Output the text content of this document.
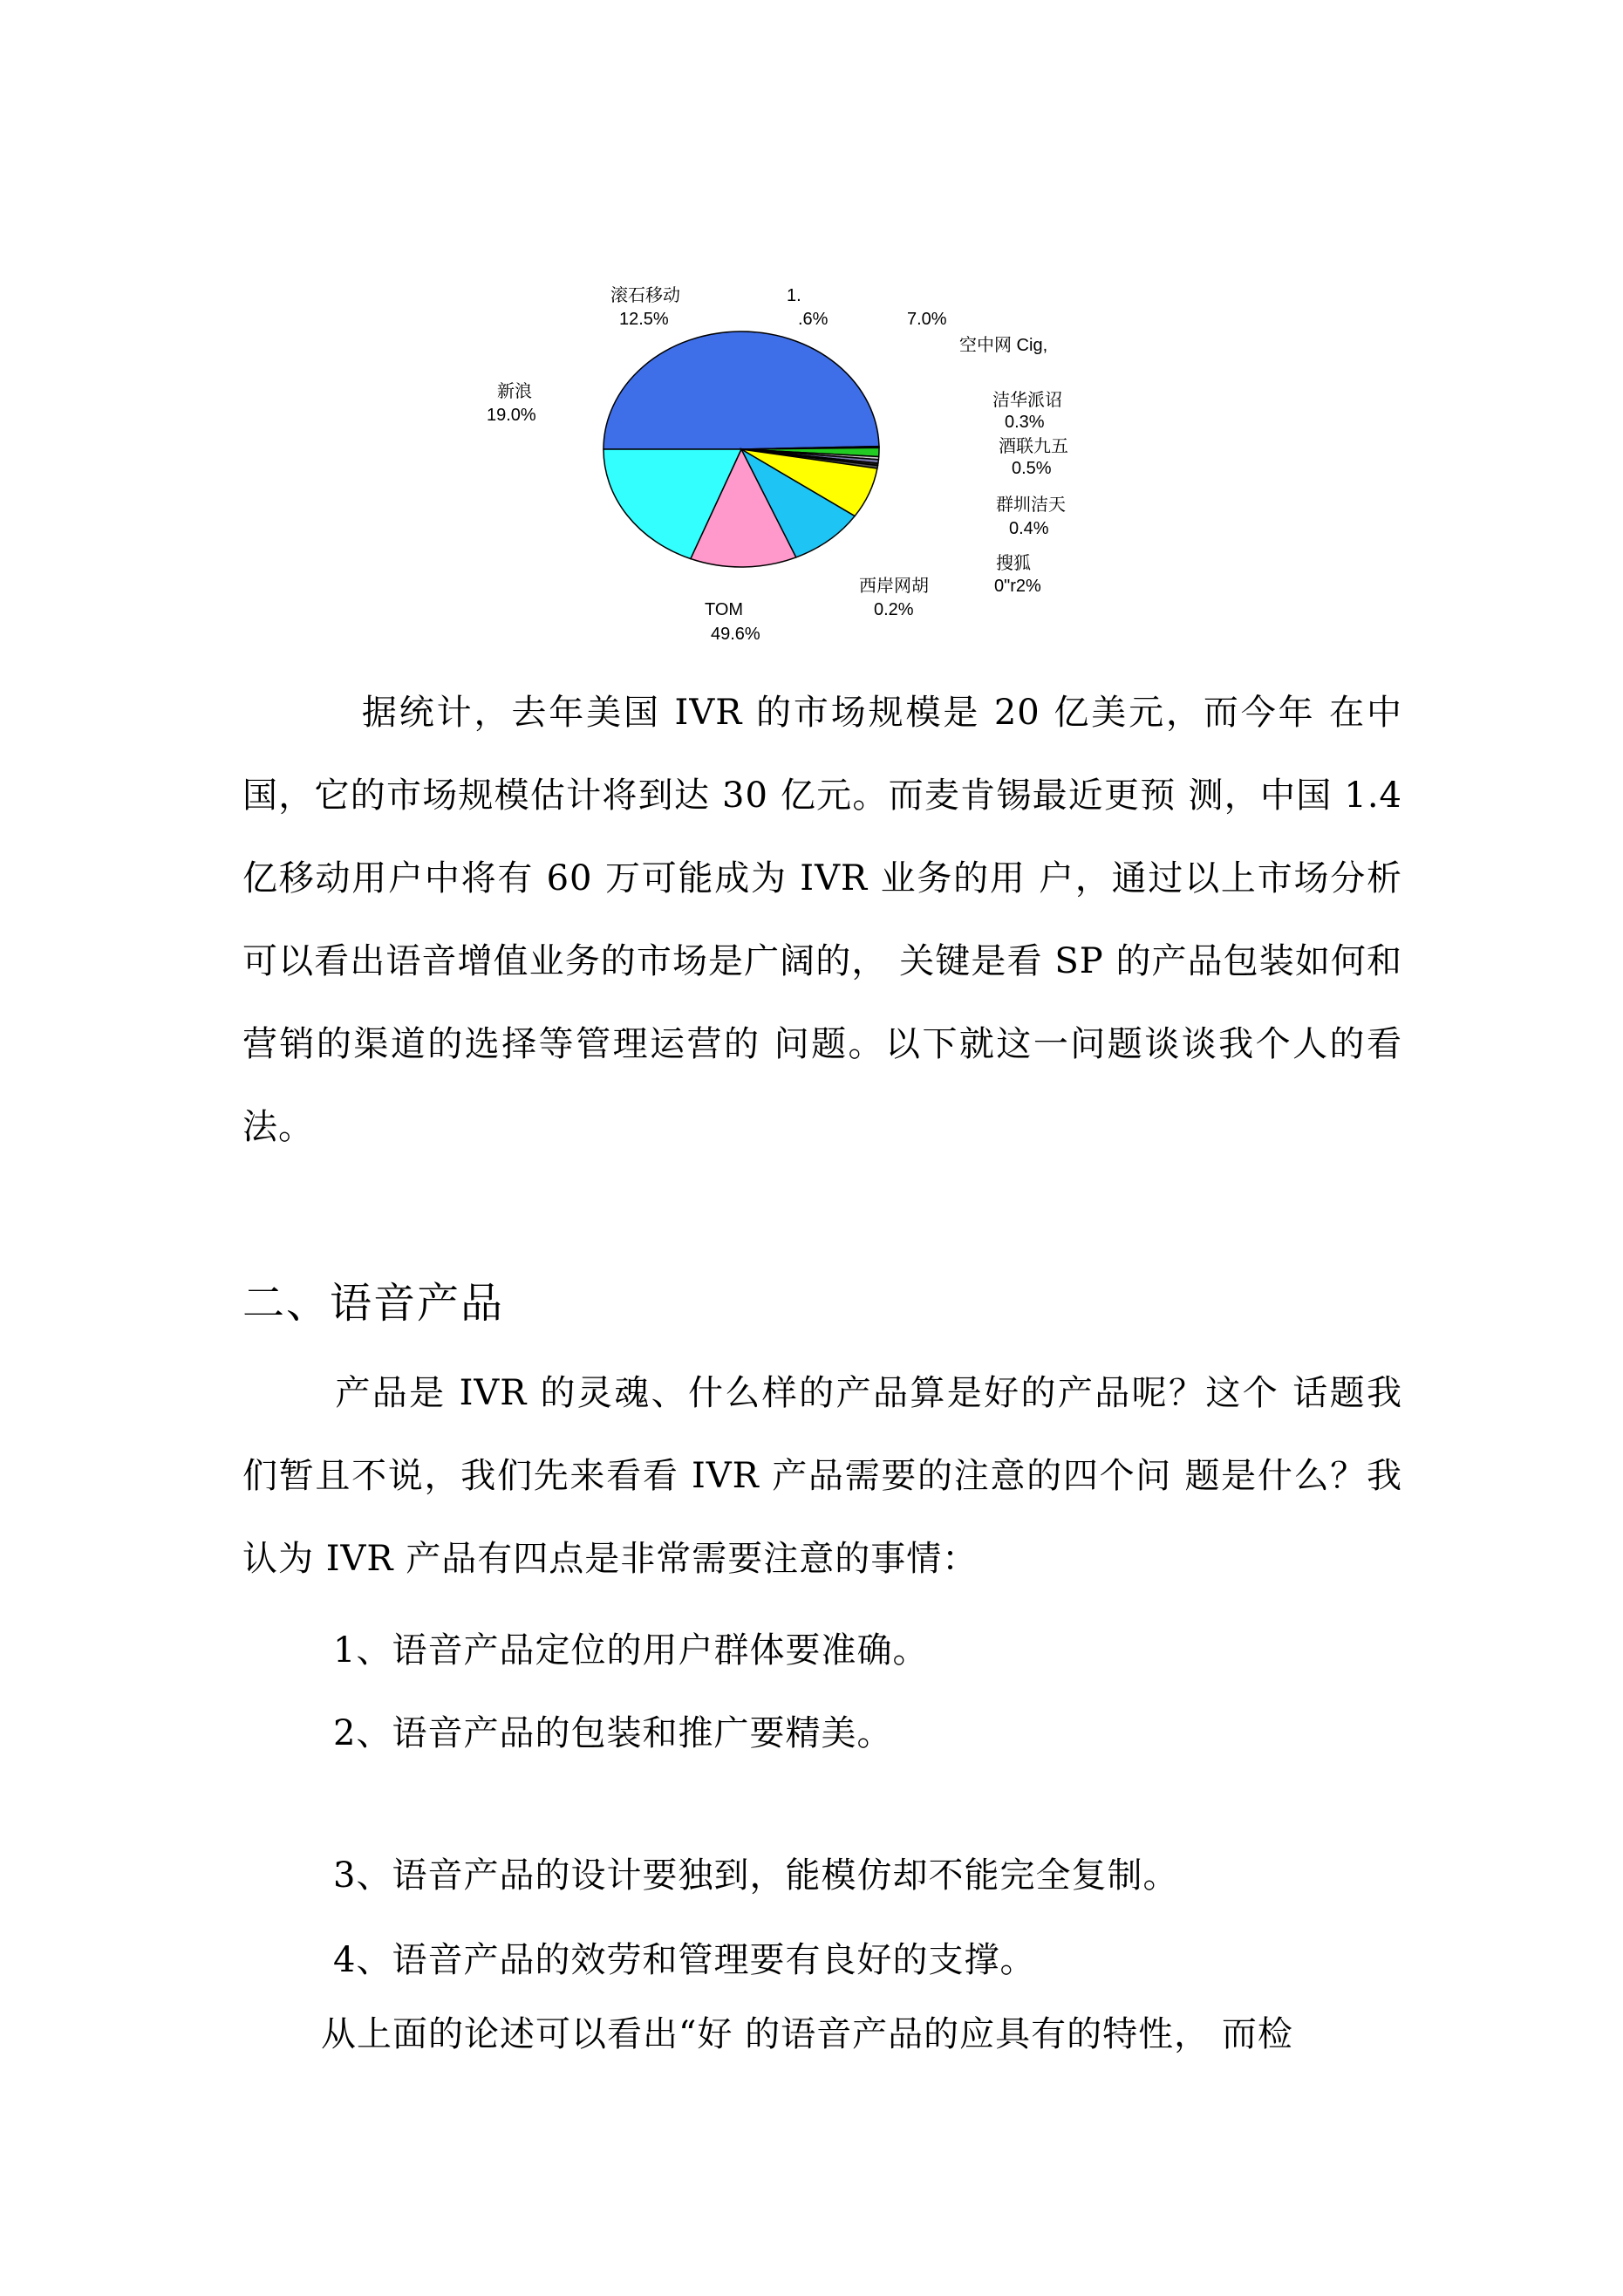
滚石移动
12.5%
1.
.6%	7.0%
空中网 Cig,
新浪
19.0%
洁华派诏
0.3%
酒联九五
0.5%
群圳洁天
0.4%
搜狐
0"r2%
西岸网胡
0.2%
TOM
49.6%
据统计，去年美国 IVR 的市场规模是 20 亿美元，而今年 在中国，它的市场规模估计将到达 30 亿元。而麦肯锡最近更预 测，中国 1.4 亿移动用户中将有 60 万可能成为 IVR 业务的用 户，通过以上市场分析可以看出语音增值业务的市场是广阔的， 关键是看 SP 的产品包装如何和营销的渠道的选择等管理运营的 问题。以下就这一问题谈谈我个人的看法。
二、语音产品
产品是 IVR 的灵魂、什么样的产品算是好的产品呢？这个 话题我们暂且不说，我们先来看看 IVR 产品需要的注意的四个问 题是什么？我认为 IVR 产品有四点是非常需要注意的事情：
1、语音产品定位的用户群体要准确。
2、语音产品的包装和推广要精美。
3、语音产品的设计要独到，能模仿却不能完全复制。
4、语音产品的效劳和管理要有良好的支撑。
从上面的论述可以看出“好 的语音产品的应具有的特性， 而检
